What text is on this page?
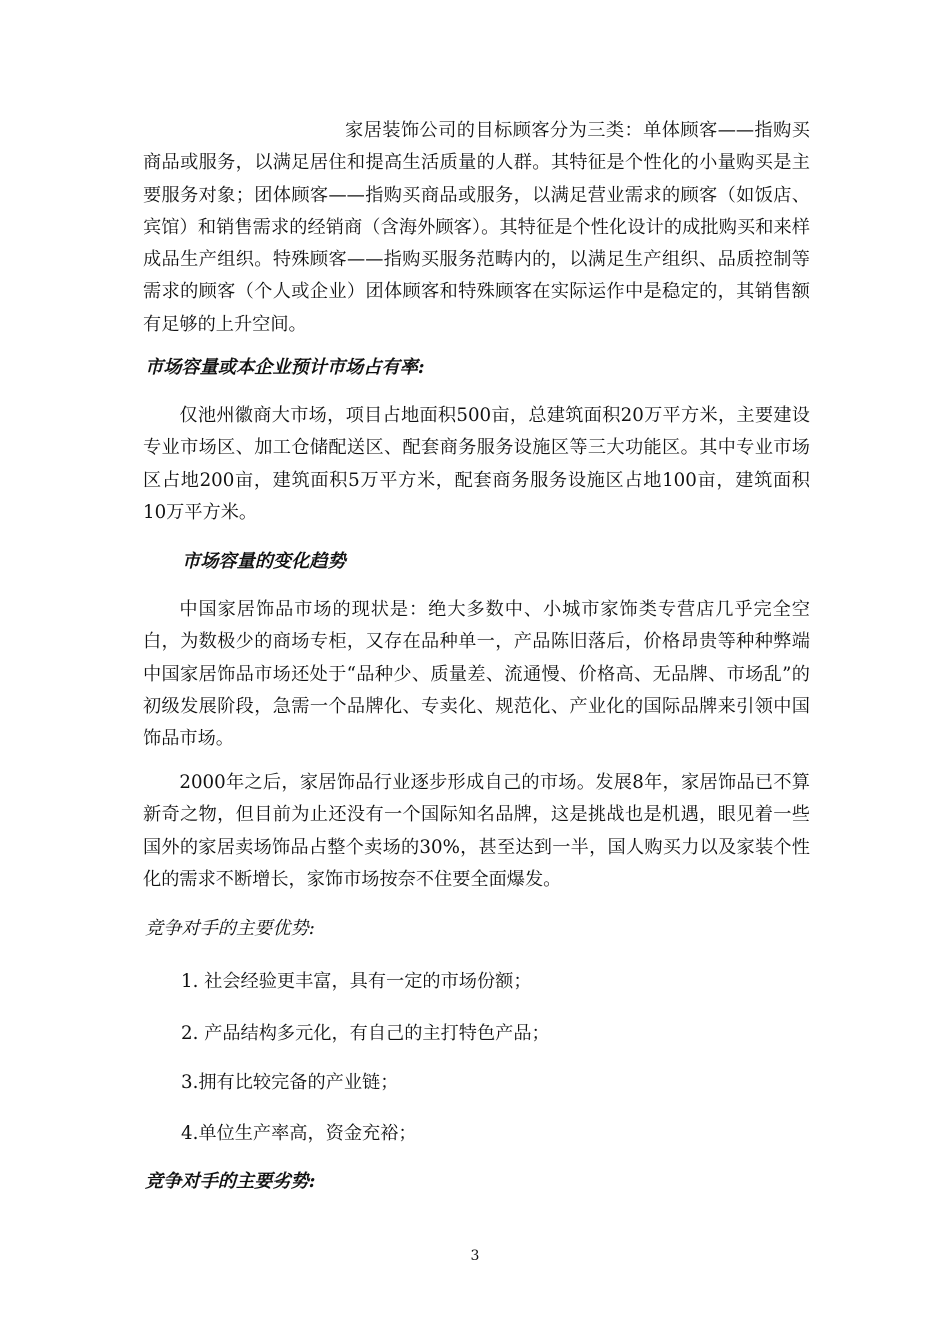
家居装饰公司的目标顾客分为三类：单体顾客——指购买商品或服务，以满足居住和提高生活质量的人群。其特征是个性化的小量购买是主要服务对象；团体顾客——指购买商品或服务，以满足营业需求的顾客（如饭店、宾馆）和销售需求的经销商（含海外顾客）。其特征是个性化设计的成批购买和来样成品生产组织。特殊顾客——指购买服务范畴内的，以满足生产组织、品质控制等需求的顾客（个人或企业）团体顾客和特殊顾客在实际运作中是稳定的，其销售额有足够的上升空间。

市场容量或本企业预计市场占有率:

仅池州徽商大市场，项目占地面积500亩，总建筑面积20万平方米，主要建设专业市场区、加工仓储配送区、配套商务服务设施区等三大功能区。其中专业市场区占地200亩，建筑面积5万平方米，配套商务服务设施区占地100亩，建筑面积10万平方米。

市场容量的变化趋势

中国家居饰品市场的现状是：绝大多数中、小城市家饰类专营店几乎完全空白，为数极少的商场专柜，又存在品种单一，产品陈旧落后，价格昂贵等种种弊端中国家居饰品市场还处于“品种少、质量差、流通慢、价格高、无品牌、市场乱”的初级发展阶段，急需一个品牌化、专卖化、规范化、产业化的国际品牌来引领中国饰品市场。

2000年之后，家居饰品行业逐步形成自己的市场。发展8年，家居饰品已不算新奇之物，但目前为止还没有一个国际知名品牌，这是挑战也是机遇，眼见着一些国外的家居卖场饰品占整个卖场的30%，甚至达到一半，国人购买力以及家装个性化的需求不断增长，家饰市场按奈不住要全面爆发。

竞争对手的主要优势:

1. 社会经验更丰富，具有一定的市场份额；

2. 产品结构多元化，有自己的主打特色产品；

3.拥有比较完备的产业链；

4.单位生产率高，资金充裕；

竞争对手的主要劣势:

3
